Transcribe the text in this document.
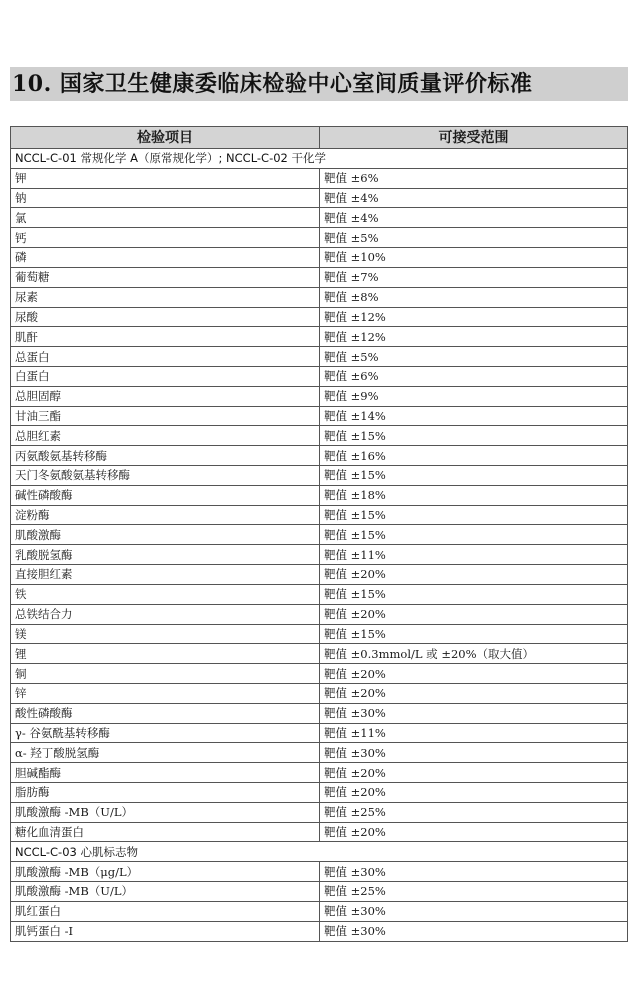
10. 国家卫生健康委临床检验中心室间质量评价标准
检验项目	可接受范围
NCCL-C-01 常规化学 A（原常规化学）; NCCL-C-02 干化学	
钾	靶值 ±6%
钠	靶值 ±4%
氯	靶值 ±4%
钙	靶值 ±5%
磷	靶值 ±10%
葡萄糖	靶值 ±7%
尿素	靶值 ±8%
尿酸	靶值 ±12%
肌酐	靶值 ±12%
总蛋白	靶值 ±5%
白蛋白	靶值 ±6%
总胆固醇	靶值 ±9%
甘油三酯	靶值 ±14%
总胆红素	靶值 ±15%
丙氨酸氨基转移酶	靶值 ±16%
天门冬氨酸氨基转移酶	靶值 ±15%
碱性磷酸酶	靶值 ±18%
淀粉酶	靶值 ±15%
肌酸激酶	靶值 ±15%
乳酸脱氢酶	靶值 ±11%
直接胆红素	靶值 ±20%
铁	靶值 ±15%
总铁结合力	靶值 ±20%
镁	靶值 ±15%
锂	靶值 ±0.3mmol/L 或 ±20%（取大值）
铜	靶值 ±20%
锌	靶值 ±20%
酸性磷酸酶	靶值 ±30%
γ- 谷氨酰基转移酶	靶值 ±11%
α- 羟丁酸脱氢酶	靶值 ±30%
胆碱酯酶	靶值 ±20%
脂肪酶	靶值 ±20%
肌酸激酶 -MB（U/L）	靶值 ±25%
糖化血清蛋白	靶值 ±20%
NCCL-C-03 心肌标志物	
肌酸激酶 -MB（μg/L）	靶值 ±30%
肌酸激酶 -MB（U/L）	靶值 ±25%
肌红蛋白	靶值 ±30%
肌钙蛋白 -I	靶值 ±30%
